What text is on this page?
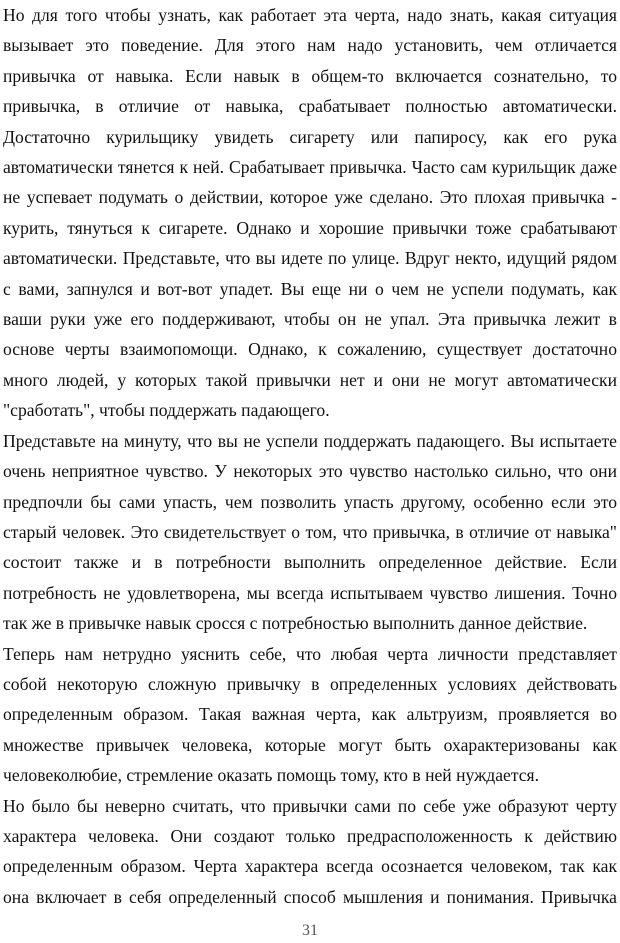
Но для того чтобы узнать, как работает эта черта, надо знать, какая ситуация
вызывает это поведение. Для этого нам надо установить, чем отличается
привычка от навыка. Если навык в общем-то включается сознательно, то
привычка, в отличие от навыка, срабатывает полностью автоматически.
Достаточно курильщику увидеть сигарету или папиросу, как его рука
автоматически тянется к ней. Срабатывает привычка. Часто сам курильщик даже
не успевает подумать о действии, которое уже сделано. Это плохая привычка -
курить, тянуться к сигарете. Однако и хорошие привычки тоже срабатывают
автоматически. Представьте, что вы идете по улице. Вдруг некто, идущий рядом
с вами, запнулся и вот-вот упадет. Вы еще ни о чем не успели подумать, как
ваши руки уже его поддерживают, чтобы он не упал. Эта привычка лежит в
основе черты взаимопомощи. Однако, к сожалению, существует достаточно
много людей, у которых такой привычки нет и они не могут автоматически
"сработать", чтобы поддержать падающего.

Представьте на минуту, что вы не успели поддержать падающего. Вы испытаете
очень неприятное чувство. У некоторых это чувство настолько сильно, что они
предпочли бы сами упасть, чем позволить упасть другому, особенно если это
старый человек. Это свидетельствует о том, что привычка, в отличие от навыка"
состоит также и в потребности выполнить определенное действие. Если
потребность не удовлетворена, мы всегда испытываем чувство лишения. Точно
так же в привычке навык сросся с потребностью выполнить данное действие.

Теперь нам нетрудно уяснить себе, что любая черта личности представляет
собой некоторую сложную привычку в определенных условиях действовать
определенным образом. Такая важная черта, как альтруизм, проявляется во
множестве привычек человека, которые могут быть охарактеризованы как
человеколюбие, стремление оказать помощь тому, кто в ней нуждается.

Но было бы неверно считать, что привычки сами по себе уже образуют черту
характера человека. Они создают только предрасположенность к действию
определенным образом. Черта характера всегда осознается человеком, так как
она включает в себя определенный способ мышления и понимания. Привычка

31
